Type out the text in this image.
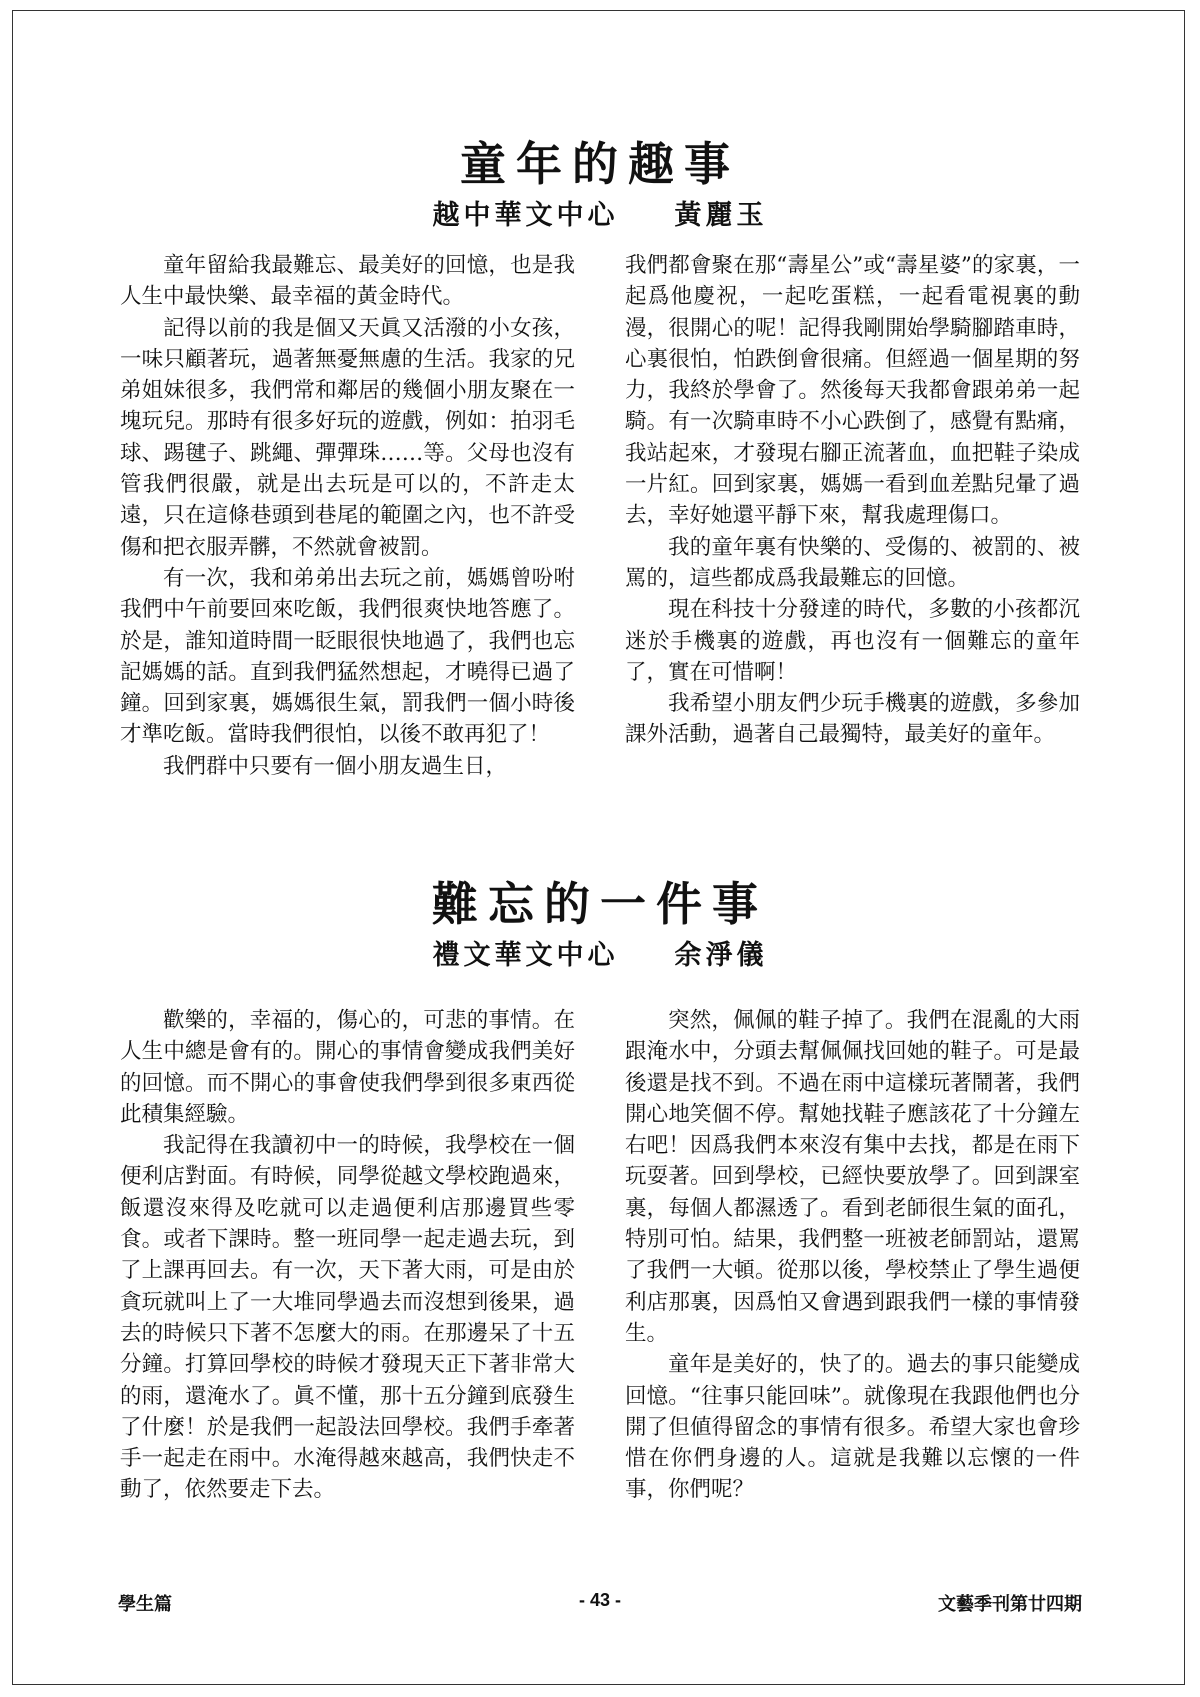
童年的趣事
越中華文中心 黃麗玉

童年留給我最難忘、最美好的回憶，也是我人生中最快樂、最幸福的黃金時代。

記得以前的我是個又天眞又活潑的小女孩，一味只顧著玩，過著無憂無慮的生活。我家的兄弟姐妹很多，我們常和鄰居的幾個小朋友聚在一塊玩兒。那時有很多好玩的遊戲，例如：拍羽毛球、踢毽子、跳繩、彈彈珠……等。父母也沒有管我們很嚴，就是出去玩是可以的，不許走太遠，只在這條巷頭到巷尾的範圍之內，也不許受傷和把衣服弄髒，不然就會被罰。

有一次，我和弟弟出去玩之前，媽媽曾吩咐我們中午前要回來吃飯，我們很爽快地答應了。於是，誰知道時間一眨眼很快地過了，我們也忘記媽媽的話。直到我們猛然想起，才曉得已過了鐘。回到家裏，媽媽很生氣，罰我們一個小時後才準吃飯。當時我們很怕，以後不敢再犯了！

我們群中只要有一個小朋友過生日，

我們都會聚在那“壽星公”或“壽星婆”的家裏，一起爲他慶祝，一起吃蛋糕，一起看電視裏的動漫，很開心的呢！記得我剛開始學騎腳踏車時，心裏很怕，怕跌倒會很痛。但經過一個星期的努力，我終於學會了。然後每天我都會跟弟弟一起騎。有一次騎車時不小心跌倒了，感覺有點痛，我站起來，才發現右腳正流著血，血把鞋子染成一片紅。回到家裏，媽媽一看到血差點兒暈了過去，幸好她還平靜下來，幫我處理傷口。

我的童年裏有快樂的、受傷的、被罰的、被罵的，這些都成爲我最難忘的回憶。

現在科技十分發達的時代，多數的小孩都沉迷於手機裏的遊戲，再也沒有一個難忘的童年了，實在可惜啊！

我希望小朋友們少玩手機裏的遊戲，多參加課外活動，過著自己最獨特，最美好的童年。

難忘的一件事
禮文華文中心 余淨儀

歡樂的，幸福的，傷心的，可悲的事情。在人生中總是會有的。開心的事情會變成我們美好的回憶。而不開心的事會使我們學到很多東西從此積集經驗。

我記得在我讀初中一的時候，我學校在一個便利店對面。有時候，同學從越文學校跑過來，飯還沒來得及吃就可以走過便利店那邊買些零食。或者下課時。整一班同學一起走過去玩，到了上課再回去。有一次，天下著大雨，可是由於貪玩就叫上了一大堆同學過去而沒想到後果，過去的時候只下著不怎麼大的雨。在那邊呆了十五分鐘。打算回學校的時候才發現天正下著非常大的雨，還淹水了。眞不懂，那十五分鐘到底發生了什麼！於是我們一起設法回學校。我們手牽著手一起走在雨中。水淹得越來越高，我們快走不動了，依然要走下去。

突然，佩佩的鞋子掉了。我們在混亂的大雨跟淹水中，分頭去幫佩佩找回她的鞋子。可是最後還是找不到。不過在雨中這樣玩著鬧著，我們開心地笑個不停。幫她找鞋子應該花了十分鐘左右吧！因爲我們本來沒有集中去找，都是在雨下玩耍著。回到學校，已經快要放學了。回到課室裏，每個人都濕透了。看到老師很生氣的面孔，特別可怕。結果，我們整一班被老師罰站，還罵了我們一大頓。從那以後，學校禁止了學生過便利店那裏，因爲怕又會遇到跟我們一樣的事情發生。

童年是美好的，快了的。過去的事只能變成回憶。“往事只能回味”。就像現在我跟他們也分開了但値得留念的事情有很多。希望大家也會珍惜在你們身邊的人。這就是我難以忘懷的一件事，你們呢？

學生篇	- 43 -	文藝季刊第廿四期
